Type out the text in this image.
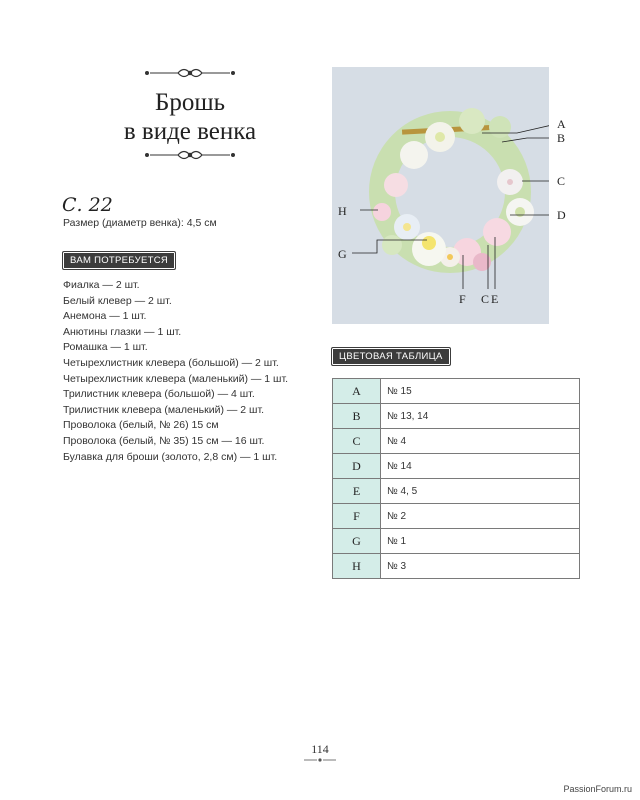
Брошь
в виде венка
С. 22
Размер (диаметр венка): 4,5 см
ВАМ ПОТРЕБУЕТСЯ
Фиалка — 2 шт.
Белый клевер — 2 шт.
Анемона — 1 шт.
Анютины глазки — 1 шт.
Ромашка — 1 шт.
Четырехлистник клевера (большой) — 2 шт.
Четырехлистник клевера (маленький) — 1 шт.
Трилистник клевера (большой) — 4 шт.
Трилистник клевера (маленький) — 2 шт.
Проволока (белый, № 26) 15 см
Проволока (белый, № 35) 15 см — 16 шт.
Булавка для броши (золото, 2,8 см) — 1 шт.
A
B
C
D
H
G
F C E
ЦВЕТОВАЯ ТАБЛИЦА
A	№ 15
B	№ 13, 14
C	№ 4
D	№ 14
E	№ 4, 5
F	№ 2
G	№ 1
H	№ 3
114
PassionForum.ru
